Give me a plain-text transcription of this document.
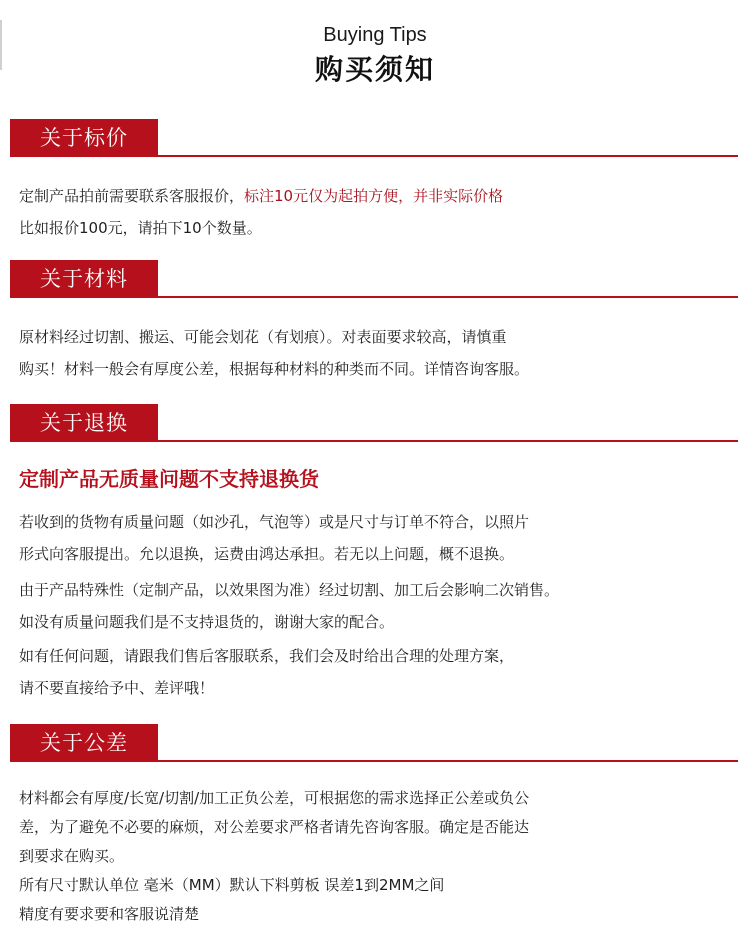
Buying Tips
购买须知
关于标价
定制产品拍前需要联系客服报价，标注10元仅为起拍方便，并非实际价格
比如报价100元，请拍下10个数量。
关于材料
原材料经过切割、搬运、可能会划花（有划痕）。对表面要求较高，请慎重
购买！材料一般会有厚度公差，根据每种材料的种类而不同。详情咨询客服。
关于退换
定制产品无质量问题不支持退换货
若收到的货物有质量问题（如沙孔，气泡等）或是尺寸与订单不符合，以照片
形式向客服提出。允以退换，运费由鸿达承担。若无以上问题，概不退换。
由于产品特殊性（定制产品，以效果图为准）经过切割、加工后会影响二次销售。
如没有质量问题我们是不支持退货的，谢谢大家的配合。
如有任何问题，请跟我们售后客服联系，我们会及时给出合理的处理方案，
请不要直接给予中、差评哦！
关于公差
材料都会有厚度/长宽/切割/加工正负公差，可根据您的需求选择正公差或负公
差，为了避免不必要的麻烦，对公差要求严格者请先咨询客服。确定是否能达
到要求在购买。
所有尺寸默认单位 毫米（MM）默认下料剪板 误差1到2MM之间
精度有要求要和客服说清楚
